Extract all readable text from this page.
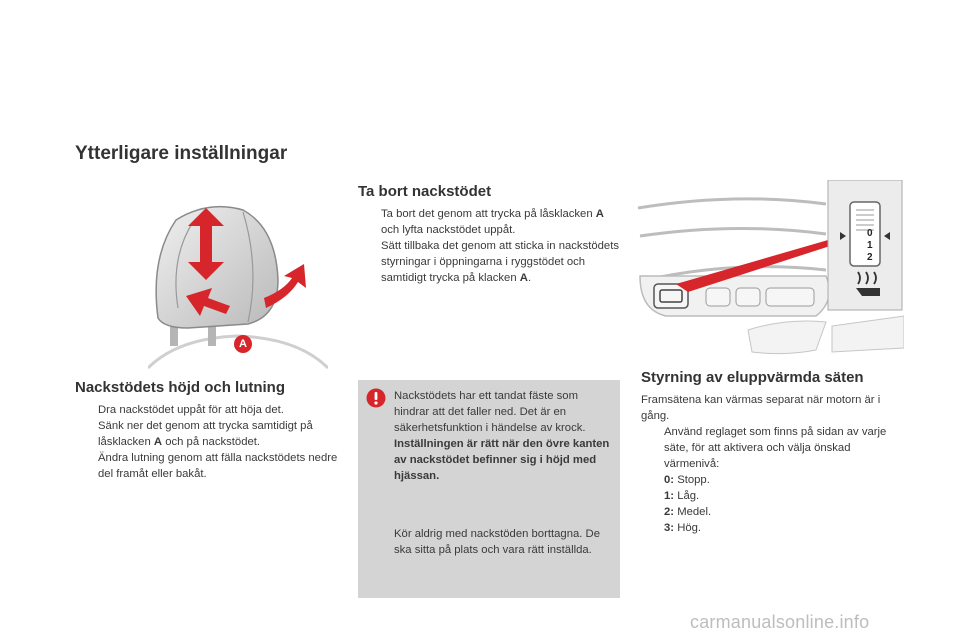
Ytterligare inställningar
A
Nackstödets höjd och lutning
Dra nackstödet uppåt för att höja det.
Sänk ner det genom att trycka samtidigt på låsklacken A och på nackstödet.
Ändra lutning genom att fälla nackstödets nedre del framåt eller bakåt.
Ta bort nackstödet
Ta bort det genom att trycka på låsklacken A och lyfta nackstödet uppåt.
Sätt tillbaka det genom att sticka in nackstödets styrningar i öppningarna i ryggstödet och samtidigt trycka på klacken A.
Nackstödets har ett tandat fäste som hindrar att det faller ned. Det är en säkerhetsfunktion i händelse av krock.
Inställningen är rätt när den övre kanten av nackstödet befinner sig i höjd med hjässan.
Kör aldrig med nackstöden borttagna. De ska sitta på plats och vara rätt inställda.
0
1
2
Styrning av eluppvärmda säten

Framsätena kan värmas separat när motorn är i gång.

Använd reglaget som finns på sidan av varje säte, för att aktivera och välja önskad värmenivå:
0: Stopp.
1: Låg.
2: Medel.
3: Hög.
carmanualsonline.info
